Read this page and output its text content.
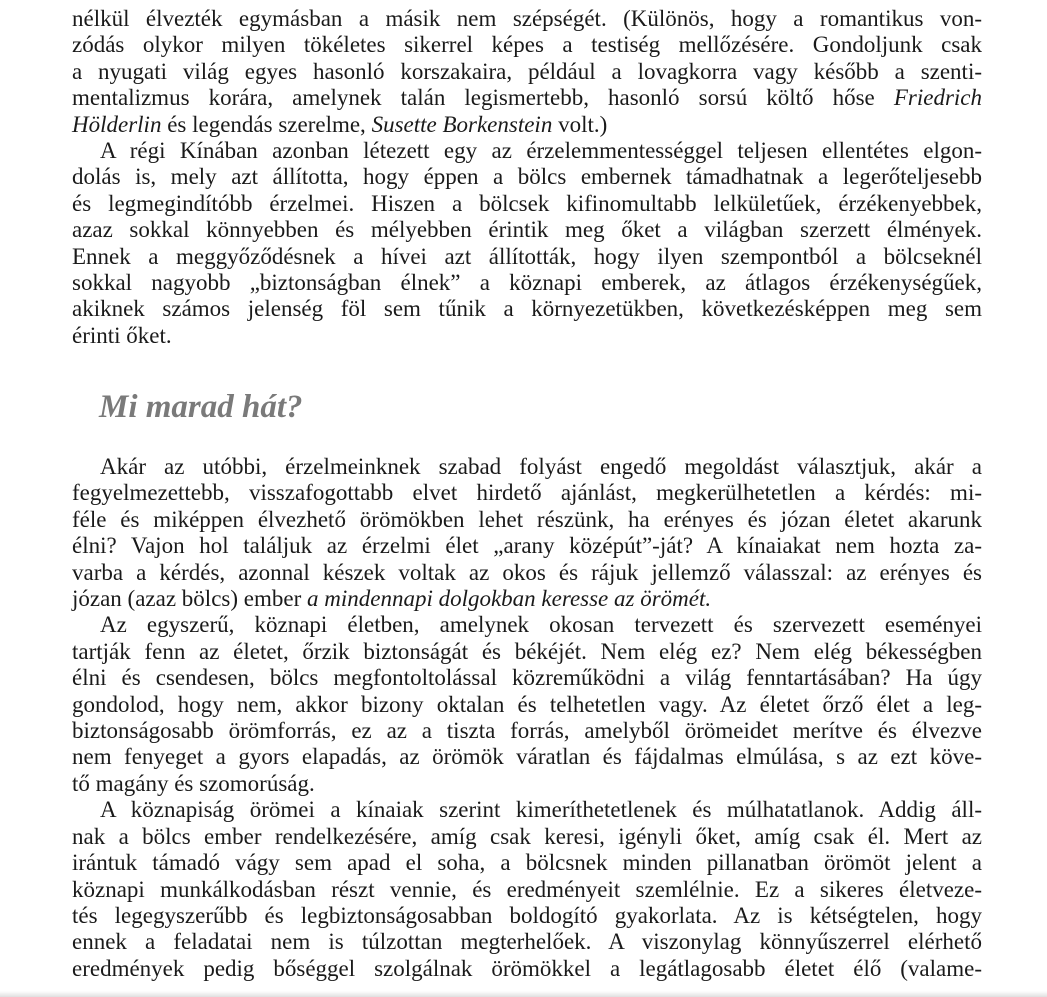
nélkül élvezték egymásban a másik nem szépségét. (Különös, hogy a romantikus von-
zódás olykor milyen tökéletes sikerrel képes a testiség mellőzésére. Gondoljunk csak
a nyugati világ egyes hasonló korszakaira, például a lovagkorra vagy később a szenti-
mentalizmus korára, amelynek talán legismertebb, hasonló sorsú költő hőse Friedrich
Hölderlin és legendás szerelme, Susette Borkenstein volt.)

A régi Kínában azonban létezett egy az érzelemmentességgel teljesen ellentétes elgon-
dolás is, mely azt állította, hogy éppen a bölcs embernek támadhatnak a legerőteljesebb
és legmegindítóbb érzelmei. Hiszen a bölcsek kifinomultabb lelkületűek, érzékenyebbek,
azaz sokkal könnyebben és mélyebben érintik meg őket a világban szerzett élmények.
Ennek a meggyőződésnek a hívei azt állították, hogy ilyen szempontból a bölcseknél
sokkal nagyobb „biztonságban élnek” a köznapi emberek, az átlagos érzékenységűek,
akiknek számos jelenség föl sem tűnik a környezetükben, következésképpen meg sem
érinti őket.

Mi marad hát?

Akár az utóbbi, érzelmeinknek szabad folyást engedő megoldást választjuk, akár a
fegyelmezettebb, visszafogottabb elvet hirdető ajánlást, megkerülhetetlen a kérdés: mi-
féle és miképpen élvezhető örömökben lehet részünk, ha erényes és józan életet akarunk
élni? Vajon hol találjuk az érzelmi élet „arany középút”-ját? A kínaiakat nem hozta za-
varba a kérdés, azonnal készek voltak az okos és rájuk jellemző válasszal: az erényes és
józan (azaz bölcs) ember a mindennapi dolgokban keresse az örömét.

Az egyszerű, köznapi életben, amelynek okosan tervezett és szervezett eseményei
tartják fenn az életet, őrzik biztonságát és békéjét. Nem elég ez? Nem elég békességben
élni és csendesen, bölcs megfontoltolással közreműködni a világ fenntartásában? Ha úgy
gondolod, hogy nem, akkor bizony oktalan és telhetetlen vagy. Az életet őrző élet a leg-
biztonságosabb örömforrás, ez az a tiszta forrás, amelyből örömeidet merítve és élvezve
nem fenyeget a gyors elapadás, az örömök váratlan és fájdalmas elmúlása, s az ezt köve-
tő magány és szomorúság.

A köznapiság örömei a kínaiak szerint kimeríthetetlenek és múlhatatlanok. Addig áll-
nak a bölcs ember rendelkezésére, amíg csak keresi, igényli őket, amíg csak él. Mert az
irántuk támadó vágy sem apad el soha, a bölcsnek minden pillanatban örömöt jelent a
köznapi munkálkodásban részt vennie, és eredményeit szemlélnie. Ez a sikeres életveze-
tés legegyszerűbb és legbiztonságosabban boldogító gyakorlata. Az is kétségtelen, hogy
ennek a feladatai nem is túlzottan megterhelőek. A viszonylag könnyűszerrel elérhető
eredmények pedig bőséggel szolgálnak örömökkel a legátlagosabb életet élő (valame-
